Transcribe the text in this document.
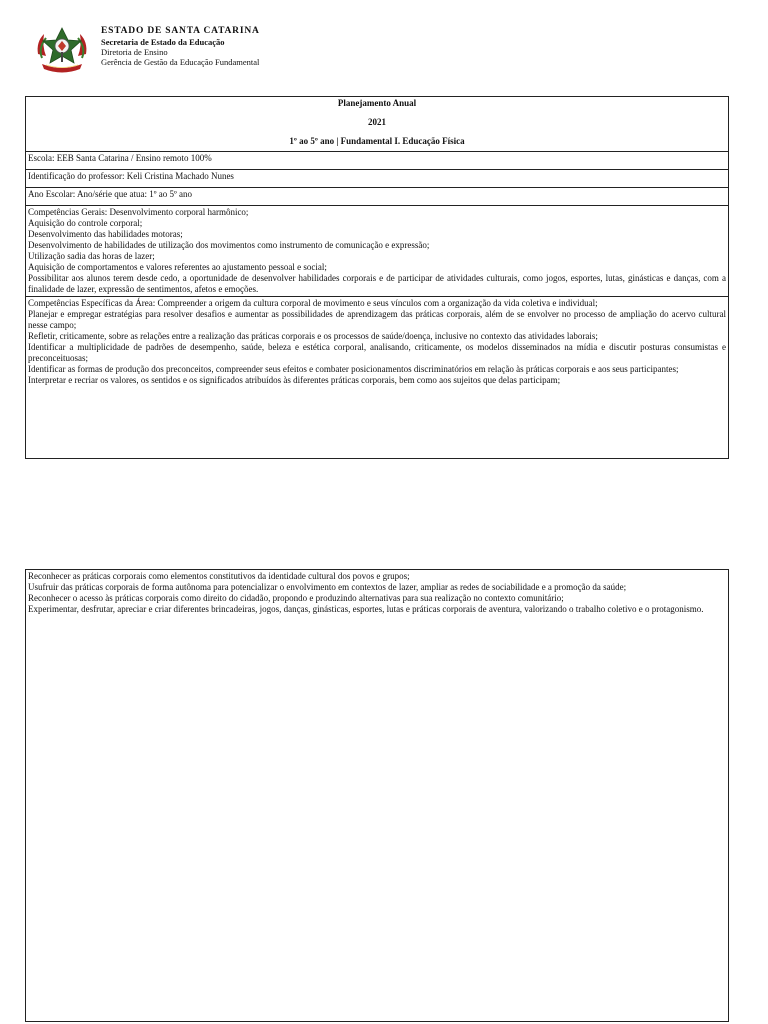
ESTADO DE SANTA CATARINA
Secretaria de Estado da Educação
Diretoria de Ensino
Gerência de Gestão da Educação Fundamental
Planejamento Anual
2021
1º ao 5º ano | Fundamental I. Educação Física

Escola: EEB Santa Catarina / Ensino remoto 100%
Identificação do professor: Keli Cristina Machado Nunes
Ano Escolar: Ano/série que atua: 1º ao 5º ano

Competências Gerais: Desenvolvimento corporal harmônico;
Aquisição do controle corporal;
Desenvolvimento das habilidades motoras;
Desenvolvimento de habilidades de utilização dos movimentos como instrumento de comunicação e expressão;
Utilização sadia das horas de lazer;
Aquisição de comportamentos e valores referentes ao ajustamento pessoal e social;
Possibilitar aos alunos terem desde cedo, a oportunidade de desenvolver habilidades corporais e de participar de atividades culturais, como jogos, esportes, lutas, ginásticas e danças, com a finalidade de lazer, expressão de sentimentos, afetos e emoções.

Competências Específicas da Área: Compreender a origem da cultura corporal de movimento e seus vínculos com a organização da vida coletiva e individual;
Planejar e empregar estratégias para resolver desafios e aumentar as possibilidades de aprendizagem das práticas corporais, além de se envolver no processo de ampliação do acervo cultural nesse campo;
Refletir, criticamente, sobre as relações entre a realização das práticas corporais e os processos de saúde/doença, inclusive no contexto das atividades laborais;
Identificar a multiplicidade de padrões de desempenho, saúde, beleza e estética corporal, analisando, criticamente, os modelos disseminados na mídia e discutir posturas consumistas e preconceituosas;
Identificar as formas de produção dos preconceitos, compreender seus efeitos e combater posicionamentos discriminatórios em relação às práticas corporais e aos seus participantes;
Interpretar e recriar os valores, os sentidos e os significados atribuídos às diferentes práticas corporais, bem como aos sujeitos que delas participam;
Reconhecer as práticas corporais como elementos constitutivos da identidade cultural dos povos e grupos;
Usufruir das práticas corporais de forma autônoma para potencializar o envolvimento em contextos de lazer, ampliar as redes de sociabilidade e a promoção da saúde;
Reconhecer o acesso às práticas corporais como direito do cidadão, propondo e produzindo alternativas para sua realização no contexto comunitário;
Experimentar, desfrutar, apreciar e criar diferentes brincadeiras, jogos, danças, ginásticas, esportes, lutas e práticas corporais de aventura, valorizando o trabalho coletivo e o protagonismo.
